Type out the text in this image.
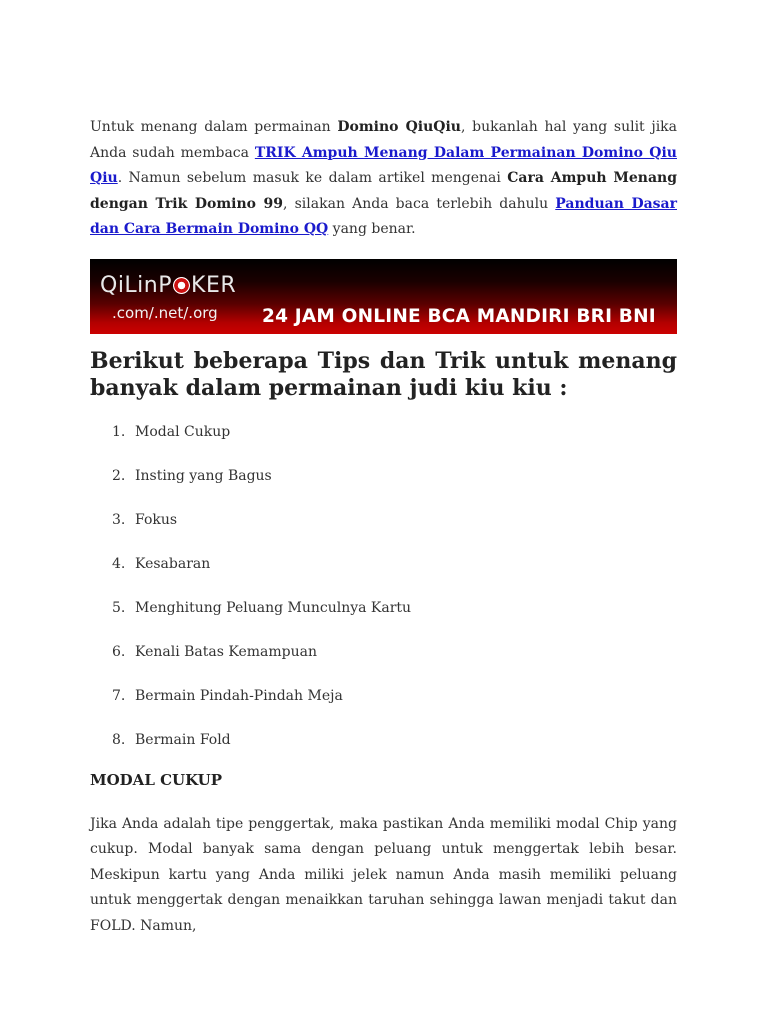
Untuk menang dalam permainan Domino QiuQiu, bukanlah hal yang sulit jika Anda sudah membaca TRIK Ampuh Menang Dalam Permainan Domino Qiu Qiu. Namun sebelum masuk ke dalam artikel mengenai Cara Ampuh Menang dengan Trik Domino 99, silakan Anda baca terlebih dahulu Panduan Dasar dan Cara Bermain Domino QQ yang benar.

QiLinP KER
.com/.net/.org 24 JAM ONLINE BCA MANDIRI BRI BNI
Berikut beberapa Tips dan Trik untuk menang banyak dalam permainan judi kiu kiu :
1. Modal Cukup
2. Insting yang Bagus
3. Fokus
4. Kesabaran
5. Menghitung Peluang Munculnya Kartu
6. Kenali Batas Kemampuan
7. Bermain Pindah-Pindah Meja
8. Bermain Fold
MODAL CUKUP

Jika Anda adalah tipe penggertak, maka pastikan Anda memiliki modal Chip yang cukup. Modal banyak sama dengan peluang untuk menggertak lebih besar. Meskipun kartu yang Anda miliki jelek namun Anda masih memiliki peluang untuk menggertak dengan menaikkan taruhan sehingga lawan menjadi takut dan FOLD. Namun,
